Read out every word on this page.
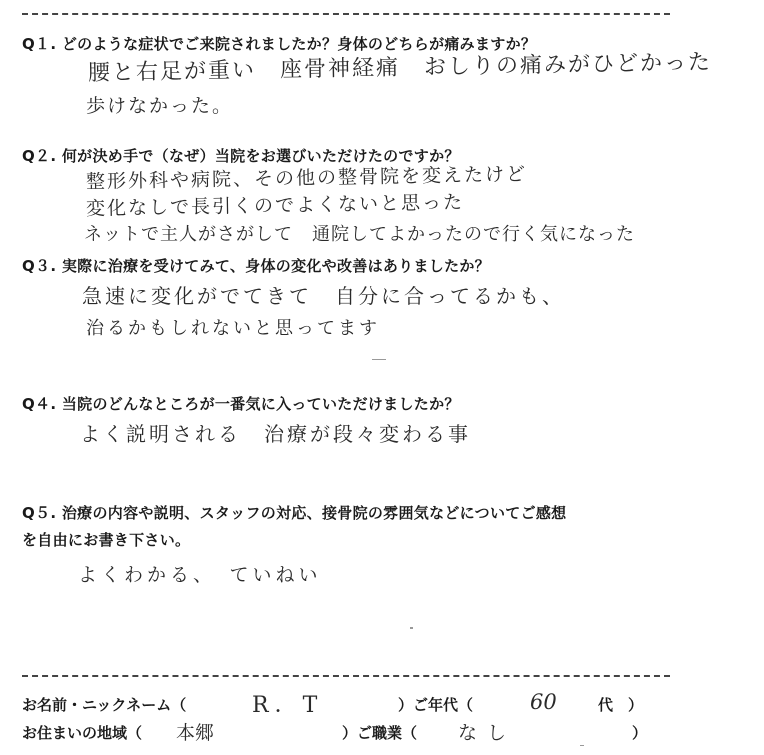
Q１. どのような症状でご来院されましたか？身体のどちらが痛みますか？
腰と右足が重い　座骨神経痛　おしりの痛みがひどかった
歩けなかった。
Q２. 何が決め手で（なぜ）当院をお選びいただけたのですか？
整形外科や病院、その他の整骨院を変えたけど
変化なしで長引くのでよくないと思った
ネットで主人がさがして　通院してよかったので行く気になった
Q３. 実際に治療を受けてみて、身体の変化や改善はありましたか？
急速に変化がでてきて　自分に合ってるかも、
治るかもしれないと思ってます
Q４. 当院のどんなところが一番気に入っていただけましたか？
よく説明される　治療が段々変わる事
Q５. 治療の内容や説明、スタッフの対応、接骨院の雰囲気などについてご感想
を自由にお書き下さい。
よくわかる、　ていねい
お名前・ニックネーム（	R．T	）ご年代（	60	代　）
お住まいの地域（ 本郷	）ご職業（ なし	）
